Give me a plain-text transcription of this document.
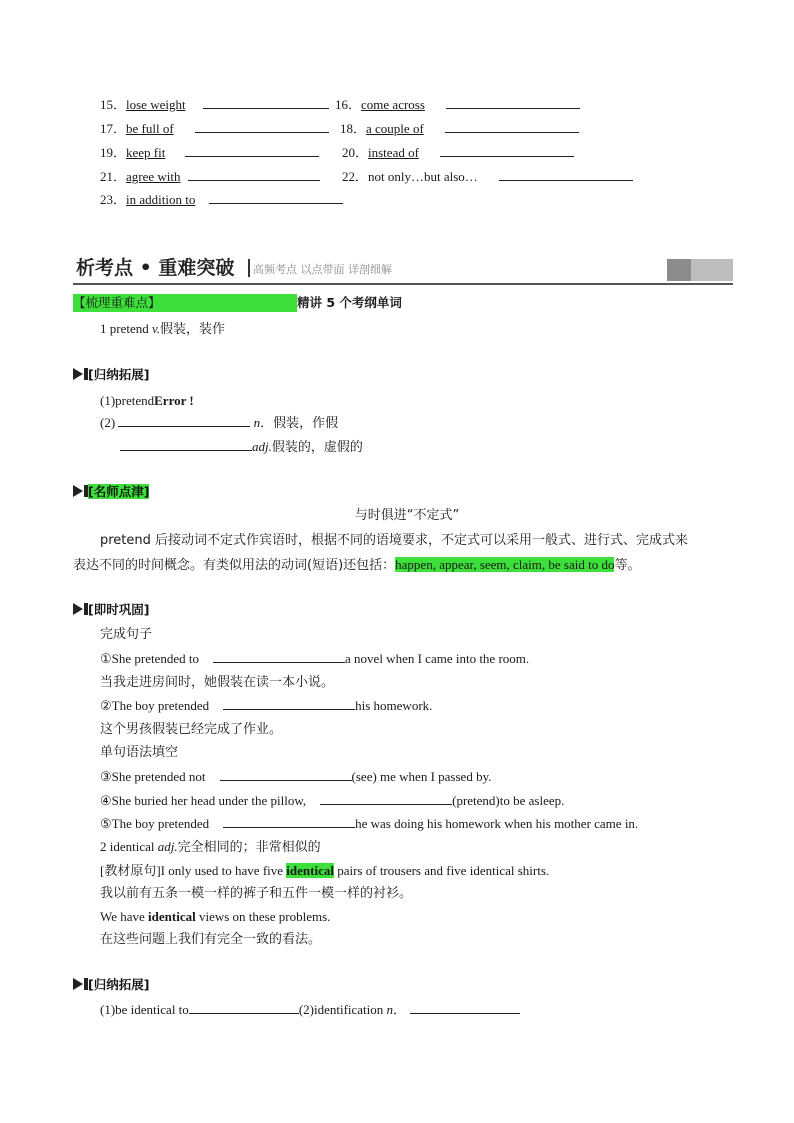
15．lose weight	16．come across
17．be full of	18．a couple of
19．keep fit	20．instead of
21．agree with	22．not only…but also…
23．in addition to
析考点 • 重难突破 高频考点 以点带面 详剖细解
【梳理重难点】	精讲 5 个考纲单词
1 pretend v.假装，装作
[归纳拓展]
(1)pretendError !
(2)	n．假装，作假
adj.假装的，虚假的
[名师点津]
与时俱进“不定式”
pretend 后接动词不定式作宾语时，根据不同的语境要求，不定式可以采用一般式、进行式、完成式来
表达不同的时间概念。有类似用法的动词(短语)还包括：happen, appear, seem, claim, be said to do等。
[即时巩固]
完成句子
①She pretended to	a novel when I came into the room.
当我走进房间时，她假装在读一本小说。
②The boy pretended	his homework.
这个男孩假装已经完成了作业。
单句语法填空
③She pretended not	(see) me when I passed by.
④She buried her head under the pillow,	(pretend)to be asleep.
⑤The boy pretended	he was doing his homework when his mother came in.
2 identical adj.完全相同的；非常相似的
[教材原句]I only used to have five identical pairs of trousers and five identical shirts.
我以前有五条一模一样的裤子和五件一模一样的衬衫。
We have identical views on these problems.
在这些问题上我们有完全一致的看法。
[归纳拓展]
(1)be identical to	(2)identification n．
